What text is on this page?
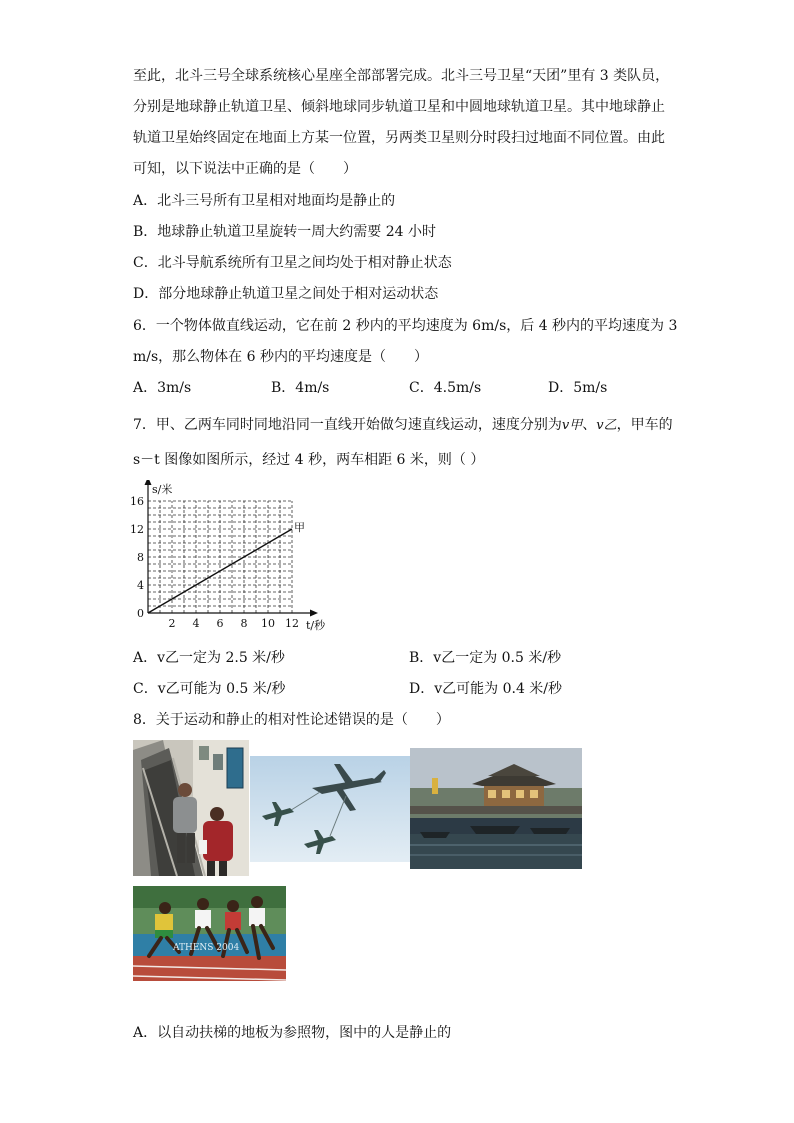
至此，北斗三号全球系统核心星座全部部署完成。北斗三号卫星“天团”里有 3 类队员，
分别是地球静止轨道卫星、倾斜地球同步轨道卫星和中圆地球轨道卫星。其中地球静止
轨道卫星始终固定在地面上方某一位置，另两类卫星则分时段扫过地面不同位置。由此
可知，以下说法中正确的是（　　）
A．北斗三号所有卫星相对地面均是静止的
B．地球静止轨道卫星旋转一周大约需要 24 小时
C．北斗导航系统所有卫星之间均处于相对静止状态
D．部分地球静止轨道卫星之间处于相对运动状态
6．一个物体做直线运动，它在前 2 秒内的平均速度为 6m/s，后 4 秒内的平均速度为 3
m/s，那么物体在 6 秒内的平均速度是（　　）
A．3m/s	B．4m/s	C．4.5m/s	D．5m/s
7．甲、乙两车同时同地沿同一直线开始做匀速直线运动，速度分别为v甲、v乙，甲车的
s－t 图像如图所示，经过 4 秒，两车相距 6 米，则（ ）
s/米
t/秒
2 4 6 8 10 12
0
4
8
12
16
甲
A．v乙一定为 2.5 米/秒	B．v乙一定为 0.5 米/秒
C．v乙可能为 0.5 米/秒	D．v乙可能为 0.4 米/秒
8．关于运动和静止的相对性论述错误的是（　　）
ATHENS 2004
A．以自动扶梯的地板为参照物，图中的人是静止的
